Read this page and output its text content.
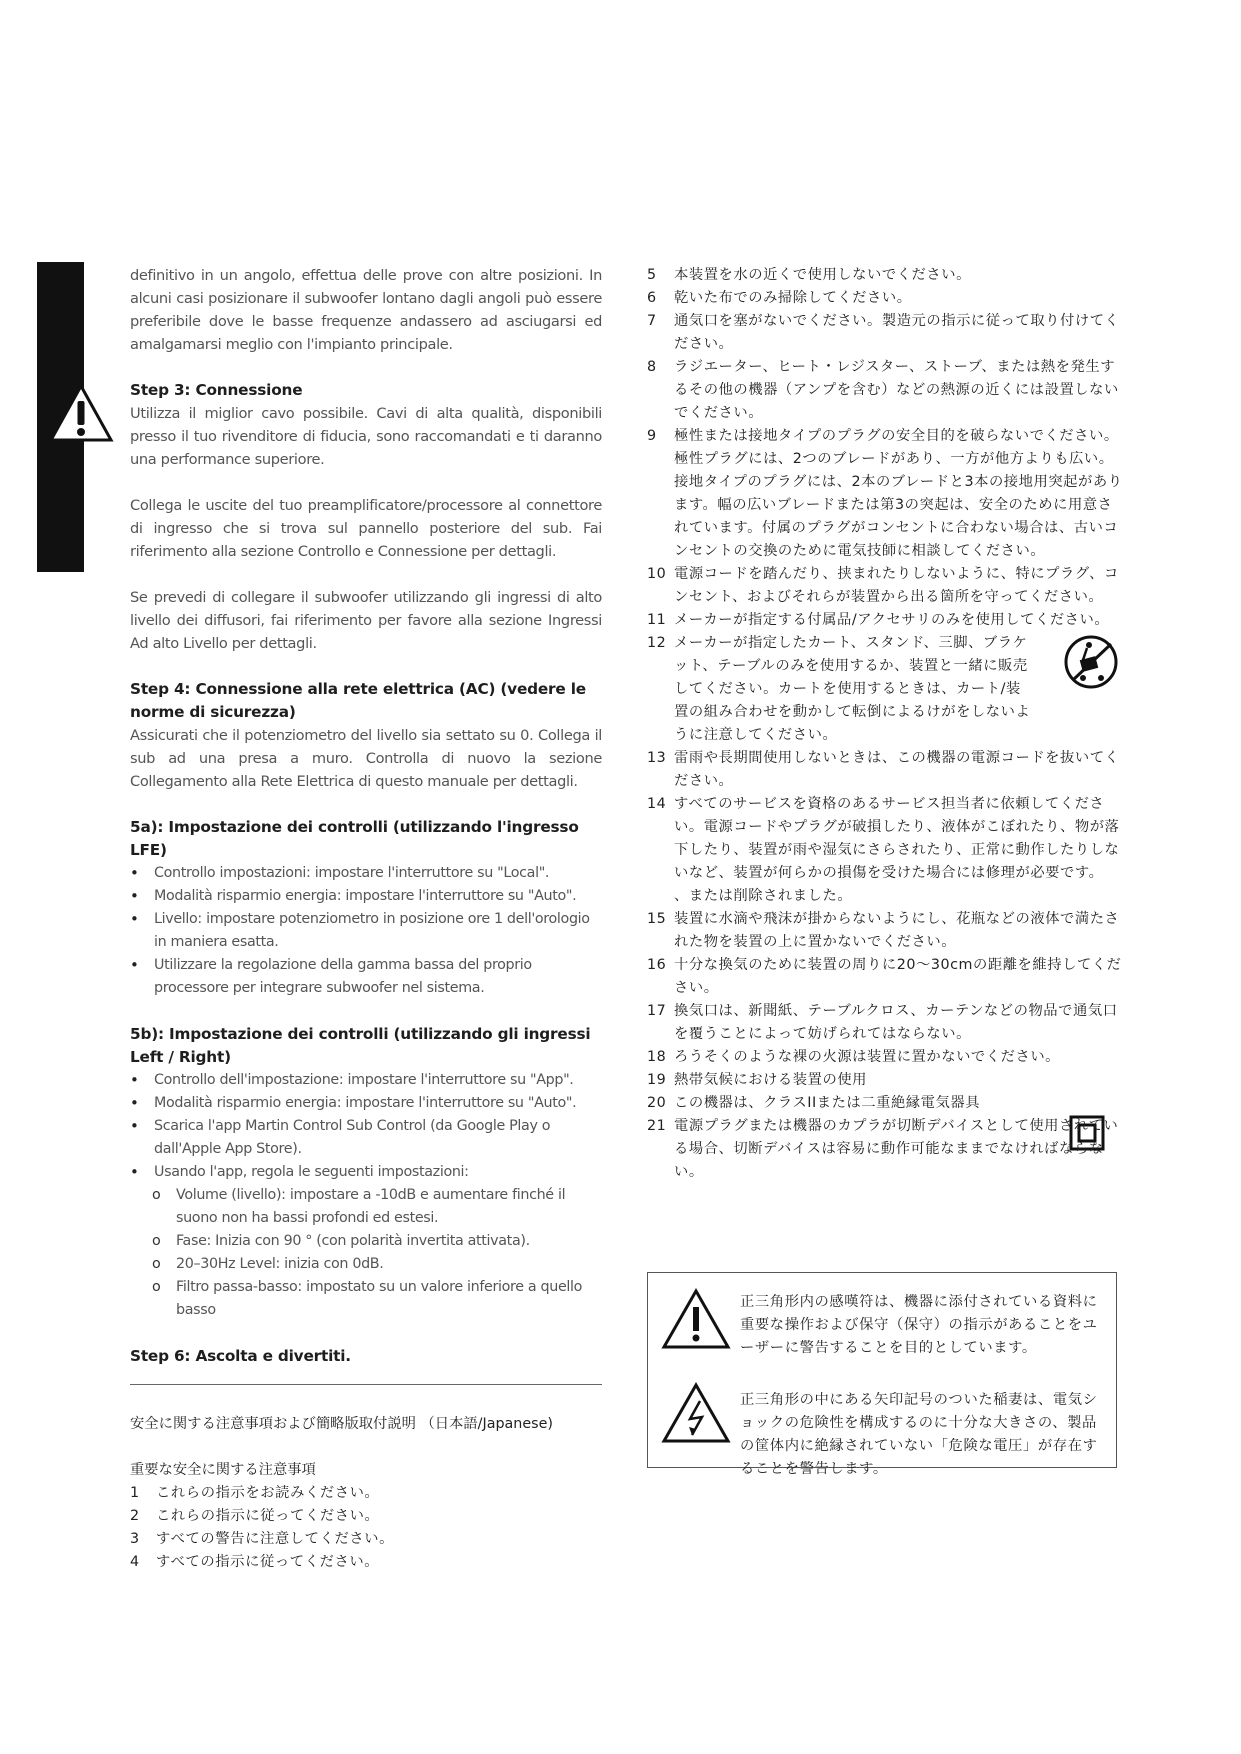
definitivo in un angolo, effettua delle prove con altre posizioni. In alcuni casi posizionare il subwoofer lontano dagli angoli può essere preferibile dove le basse frequenze andassero ad asciugarsi ed amalgamarsi meglio con l'impianto principale.

Step 3: Connessione

Utilizza il miglior cavo possibile. Cavi di alta qualità, disponibili presso il tuo rivenditore di fiducia, sono raccomandati e ti daranno una performance superiore.

Collega le uscite del tuo preamplificatore/processore al connettore di ingresso che si trova sul pannello posteriore del sub. Fai riferimento alla sezione Controllo e Connessione per dettagli.

Se prevedi di collegare il subwoofer utilizzando gli ingressi di alto livello dei diffusori, fai riferimento per favore alla sezione Ingressi Ad alto Livello per dettagli.

Step 4: Connessione alla rete elettrica (AC) (vedere le norme di sicurezza)

Assicurati che il potenziometro del livello sia settato su 0. Collega il sub ad una presa a muro. Controlla di nuovo la sezione Collegamento alla Rete Elettrica di questo manuale per dettagli.

5a): Impostazione dei controlli (utilizzando l'ingresso LFE)

• Controllo impostazioni: impostare l'interruttore su "Local".
• Modalità risparmio energia: impostare l'interruttore su "Auto".
• Livello: impostare potenziometro in posizione ore 1 dell'orologio in maniera esatta.
• Utilizzare la regolazione della gamma bassa del proprio processore per integrare subwoofer nel sistema.

5b): Impostazione dei controlli (utilizzando gli ingressi Left / Right)

• Controllo dell'impostazione: impostare l'interruttore su "App".
• Modalità risparmio energia: impostare l'interruttore su "Auto".
• Scarica l'app Martin Control Sub Control (da Google Play o dall'Apple App Store).
• Usando l'app, regola le seguenti impostazioni:
o Volume (livello): impostare a -10dB e aumentare finché il suono non ha bassi profondi ed estesi.
o Fase: Inizia con 90 ° (con polarità invertita attivata).
o 20–30Hz Level: inizia con 0dB.
o Filtro passa-basso: impostato su un valore inferiore a quello basso

Step 6: Ascolta e divertiti.

安全に関する注意事項および簡略版取付説明 （日本語/Japanese)

重要な安全に関する注意事項

1 これらの指示をお読みください。
2 これらの指示に従ってください。
3 すべての警告に注意してください。
4 すべての指示に従ってください。
5 本装置を水の近くで使用しないでください。
6 乾いた布でのみ掃除してください。
7 通気口を塞がないでください。製造元の指示に従って取り付けてください。
8 ラジエーター、ヒート・レジスター、ストーブ、または熱を発生するその他の機器（アンプを含む）などの熱源の近くには設置しないでください。
9 極性または接地タイプのプラグの安全目的を破らないでください。極性プラグには、2つのブレードがあり、一方が他方よりも広い。接地タイプのプラグには、2本のブレードと3本の接地用突起があります。幅の広いブレードまたは第3の突起は、安全のために用意されています。付属のプラグがコンセントに合わない場合は、古いコンセントの交換のために電気技師に相談してください。
10 電源コードを踏んだり、挟まれたりしないように、特にプラグ、コンセント、およびそれらが装置から出る箇所を守ってください。
11 メーカーが指定する付属品/アクセサリのみを使用してください。
12 メーカーが指定したカート、スタンド、三脚、ブラケット、テーブルのみを使用するか、装置と一緒に販売してください。カートを使用するときは、カート/装置の組み合わせを動かして転倒によるけがをしないように注意してください。
13 雷雨や長期間使用しないときは、この機器の電源コードを抜いてください。
14 すべてのサービスを資格のあるサービス担当者に依頼してください。電源コードやプラグが破損したり、液体がこぼれたり、物が落下したり、装置が雨や湿気にさらされたり、正常に動作したりしないなど、装置が何らかの損傷を受けた場合には修理が必要です。 、または削除されました。
15 装置に水滴や飛沫が掛からないようにし、花瓶などの液体で満たされた物を装置の上に置かないでください。
16 十分な換気のために装置の周りに20〜30cmの距離を維持してください。
17 換気口は、新聞紙、テーブルクロス、カーテンなどの物品で通気口を覆うことによって妨げられてはならない。
18 ろうそくのような裸の火源は装置に置かないでください。
19 熱帯気候における装置の使用
20 この機器は、クラスIIまたは二重絶縁電気器具
21 電源プラグまたは機器のカプラが切断デバイスとして使用されている場合、切断デバイスは容易に動作可能なままでなければならない。

正三角形内の感嘆符は、機器に添付されている資料に重要な操作および保守（保守）の指示があることをユーザーに警告することを目的としています。

正三角形の中にある矢印記号のついた稲妻は、電気ショックの危険性を構成するのに十分な大きさの、製品の筐体内に絶縁されていない「危険な電圧」が存在することを警告します。
